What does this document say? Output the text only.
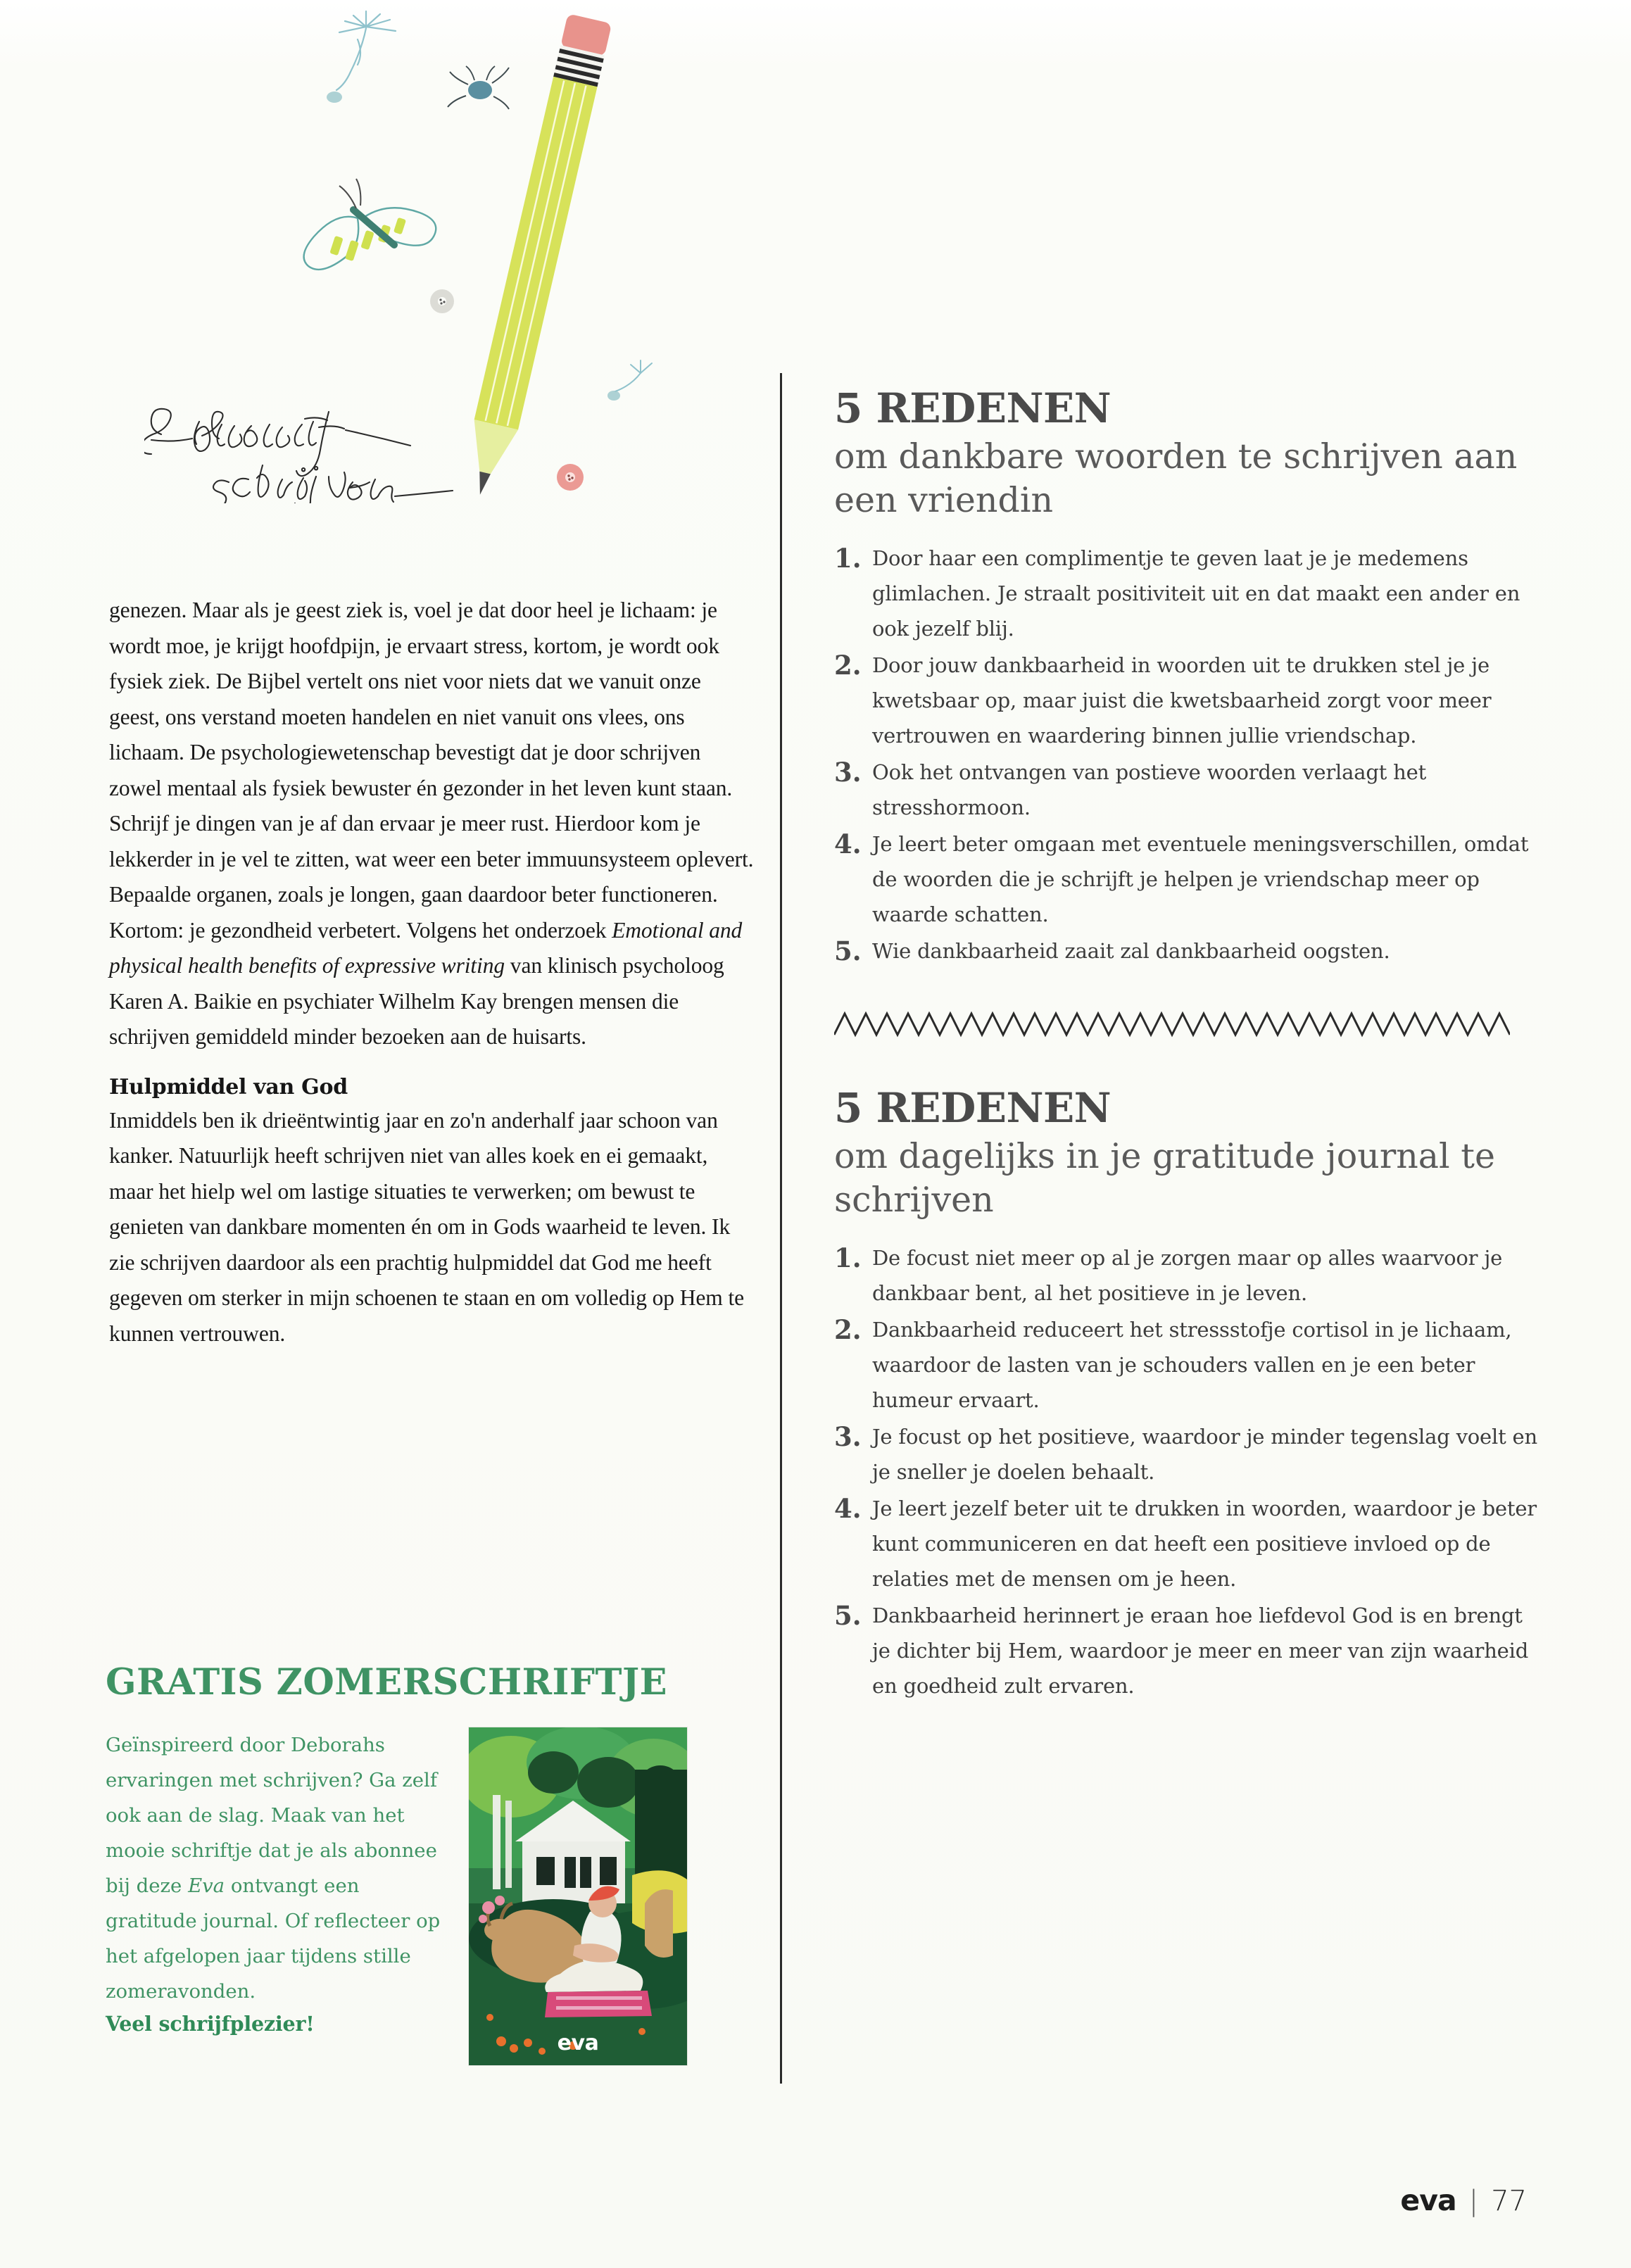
genezen. Maar als je geest ziek is, voel je dat door heel je lichaam: je wordt moe, je krijgt hoofdpijn, je ervaart stress, kortom, je wordt ook fysiek ziek. De Bijbel vertelt ons niet voor niets dat we vanuit onze geest, ons verstand moeten handelen en niet vanuit ons vlees, ons lichaam. De psychologiewetenschap bevestigt dat je door schrijven zowel mentaal als fysiek bewuster én gezonder in het leven kunt staan. Schrijf je dingen van je af dan ervaar je meer rust. Hierdoor kom je lekkerder in je vel te zitten, wat weer een beter immuunsysteem oplevert. Bepaalde organen, zoals je longen, gaan daardoor beter functioneren. Kortom: je gezondheid verbetert. Volgens het onderzoek Emotional and physical health benefits of expressive writing van klinisch psycholoog Karen A. Baikie en psychiater Wilhelm Kay brengen mensen die schrijven gemiddeld minder bezoeken aan de huisarts.

Hulpmiddel van God

Inmiddels ben ik drieëntwintig jaar en zo'n anderhalf jaar schoon van kanker. Natuurlijk heeft schrijven niet van alles koek en ei gemaakt, maar het hielp wel om lastige situaties te verwerken; om bewust te genieten van dankbare momenten én om in Gods waarheid te leven. Ik zie schrijven daardoor als een prachtig hulpmiddel dat God me heeft gegeven om sterker in mijn schoenen te staan en om volledig op Hem te kunnen vertrouwen.

GRATIS ZOMERSCHRIFTJE
Geïnspireerd door Deborahs ervaringen met schrijven? Ga zelf ook aan de slag. Maak van het mooie schriftje dat je als abonnee bij deze Eva ontvangt een gratitude journal. Of reflecteer op het afgelopen jaar tijdens stille zomeravonden.
Veel schrijfplezier!
eva
5 REDENEN
om dankbare woorden te schrijven aan een vriendin
1. Door haar een complimentje te geven laat je je medemens glimlachen. Je straalt positiviteit uit en dat maakt een ander en ook jezelf blij.
2. Door jouw dankbaarheid in woorden uit te drukken stel je je kwetsbaar op, maar juist die kwetsbaarheid zorgt voor meer vertrouwen en waardering binnen jullie vriendschap.
3. Ook het ontvangen van postieve woorden verlaagt het stresshormoon.
4. Je leert beter omgaan met eventuele meningsverschillen, omdat de woorden die je schrijft je helpen je vriendschap meer op waarde schatten.
5. Wie dankbaarheid zaait zal dankbaarheid oogsten.
5 REDENEN
om dagelijks in je gratitude journal te schrijven
1. De focust niet meer op al je zorgen maar op alles waarvoor je dankbaar bent, al het positieve in je leven.
2. Dankbaarheid reduceert het stressstofje cortisol in je lichaam, waardoor de lasten van je schouders vallen en je een beter humeur ervaart.
3. Je focust op het positieve, waardoor je minder tegenslag voelt en je sneller je doelen behaalt.
4. Je leert jezelf beter uit te drukken in woorden, waardoor je beter kunt communiceren en dat heeft een positieve invloed op de relaties met de mensen om je heen.
5. Dankbaarheid herinnert je eraan hoe liefdevol God is en brengt je dichter bij Hem, waardoor je meer en meer van zijn waarheid en goedheid zult ervaren.
eva | 77
